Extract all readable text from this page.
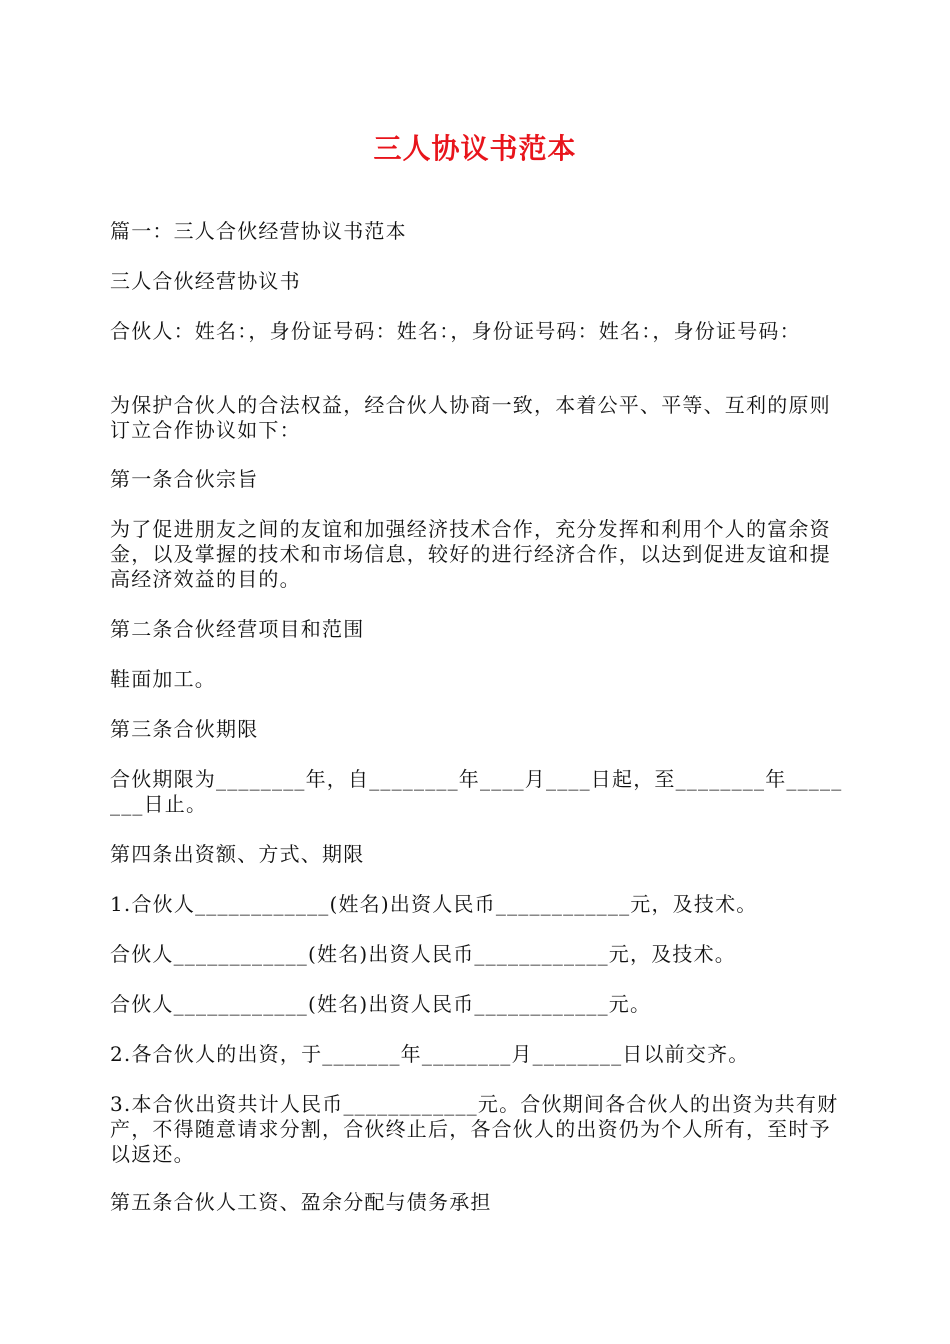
三人协议书范本

篇一：三人合伙经营协议书范本

三人合伙经营协议书

合伙人：姓名：，身份证号码：姓名：，身份证号码：姓名：，身份证号码：

为保护合伙人的合法权益，经合伙人协商一致，本着公平、平等、互利的原则订立合作协议如下：

第一条合伙宗旨

为了促进朋友之间的友谊和加强经济技术合作，充分发挥和利用个人的富余资金，以及掌握的技术和市场信息，较好的进行经济合作，以达到促进友谊和提高经济效益的目的。

第二条合伙经营项目和范围

鞋面加工。

第三条合伙期限

合伙期限为________年，自________年____月____日起，至________年________日止。

第四条出资额、方式、期限

1.合伙人____________(姓名)出资人民币____________元，及技术。

合伙人____________(姓名)出资人民币____________元，及技术。

合伙人____________(姓名)出资人民币____________元。

2.各合伙人的出资，于_______年________月________日以前交齐。

3.本合伙出资共计人民币____________元。合伙期间各合伙人的出资为共有财产，不得随意请求分割，合伙终止后，各合伙人的出资仍为个人所有，至时予以返还。

第五条合伙人工资、盈余分配与债务承担
